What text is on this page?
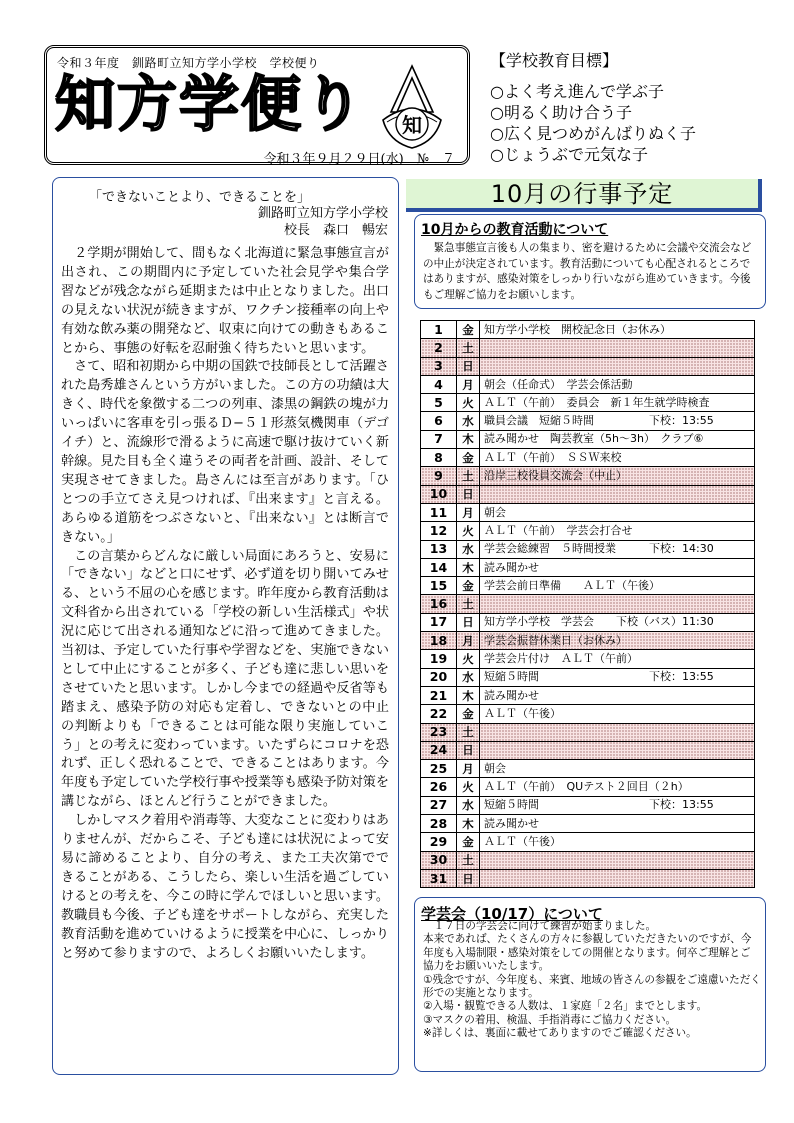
令和３年度　釧路町立知方学小学校　学校便り
知方学便り 知
令和３年９月２９日(水)　№　７
【学校教育目標】
○よく考え進んで学ぶ子
○明るく助け合う子
○広く見つめがんばりぬく子
○じょうぶで元気な子
「できないことより、できることを」
釧路町立知方学小学校
校長　森口　暢宏

２学期が開始して、間もなく北海道に緊急事態宣言が出され、この期間内に予定していた社会見学や集合学習などが残念ながら延期または中止となりました。出口の見えない状況が続きますが、ワクチン接種率の向上や有効な飲み薬の開発など、収束に向けての動きもあることから、事態の好転を忍耐強く待ちたいと思います。

さて、昭和初期から中期の国鉄で技師長として活躍された島秀雄さんという方がいました。この方の功績は大きく、時代を象徴する二つの列車、漆黒の鋼鉄の塊が力いっぱいに客車を引っ張るＤ−５１形蒸気機関車（デゴイチ）と、流線形で滑るように高速で駆け抜けていく新幹線。見た目も全く違うその両者を計画、設計、そして実現させてきました。島さんには至言があります。「ひとつの手立てさえ見つければ、『出来ます』と言える。あらゆる道筋をつぶさないと、『出来ない』とは断言できない。」

この言葉からどんなに厳しい局面にあろうと、安易に「できない」などと口にせず、必ず道を切り開いてみせる、という不屈の心を感じます。昨年度から教育活動は文科省から出されている「学校の新しい生活様式」や状況に応じて出される通知などに沿って進めてきました。当初は、予定していた行事や学習などを、実施できないとして中止にすることが多く、子ども達に悲しい思いをさせていたと思います。しかし今までの経過や反省等も踏まえ、感染予防の対応も定着し、できないとの中止の判断よりも「できることは可能な限り実施していこう」との考えに変わっています。いたずらにコロナを恐れず、正しく恐れることで、できることはあります。今年度も予定していた学校行事や授業等も感染予防対策を講じながら、ほとんど行うことができました。

しかしマスク着用や消毒等、大変なことに変わりはありませんが、だからこそ、子ども達には状況によって安易に諦めることより、自分の考え、また工夫次第でできることがある、こうしたら、楽しい生活を過ごしていけるとの考えを、今この時に学んでほしいと思います。教職員も今後、子ども達をサポートしながら、充実した教育活動を進めていけるように授業を中心に、しっかりと努めて参りますので、よろしくお願いいたします。

10月の行事予定
10月からの教育活動について
　緊急事態宣言後も人の集まり、密を避けるために会議や交流会などの中止が決定されています。教育活動についても心配されるところではありますが、感染対策をしっかり行いながら進めていきます。今後もご理解ご協力をお願いします。
1	金	知方学小学校　開校記念日（お休み）
2	土	
3	日	
4	月	朝会（任命式）　学芸会係活動
5	火	ＡＬＴ（午前）　委員会　新１年生就学時検査
6	水	職員会議　短縮５時間　　　　　下校：13:55
7	木	読み聞かせ　陶芸教室（5h～3h）　クラブ⑥
8	金	ＡＬＴ（午前）　ＳＳＷ来校
9	土	沿岸三校役員交流会（中止）
10	日	
11	月	朝会
12	火	ＡＬＴ（午前）　学芸会打合せ
13	水	学芸会総練習　５時間授業　　　下校：14:30
14	木	読み聞かせ
15	金	学芸会前日準備　　ＡＬＴ（午後）
16	土	
17	日	知方学小学校　学芸会　　下校（バス）11:30
18	月	学芸会振替休業日（お休み）
19	火	学芸会片付け　ＡＬＴ（午前）
20	水	短縮５時間　　　　　　　　　　下校：13:55
21	木	読み聞かせ
22	金	ＡＬＴ（午後）
23	土	
24	日	
25	月	朝会
26	火	ＡＬＴ（午前）　QUテスト２回目（２h）
27	水	短縮５時間　　　　　　　　　　下校：13:55
28	木	読み聞かせ
29	金	ＡＬＴ（午後）
30	土	
31	日	
学芸会（10/17）について
　１７日の学芸会に向けて練習が始まりました。
本来であれば、たくさんの方々に参観していただきたいのですが、今年度も入場制限・感染対策をしての開催となります。何卒ご理解とご協力をお願いいたします。
①残念ですが、今年度も、来賓、地域の皆さんの参観をご遠慮いただく形での実施となります。
②入場・観覧できる人数は、１家庭「２名」までとします。
③マスクの着用、検温、手指消毒にご協力ください。
※詳しくは、裏面に載せてありますのでご確認ください。
